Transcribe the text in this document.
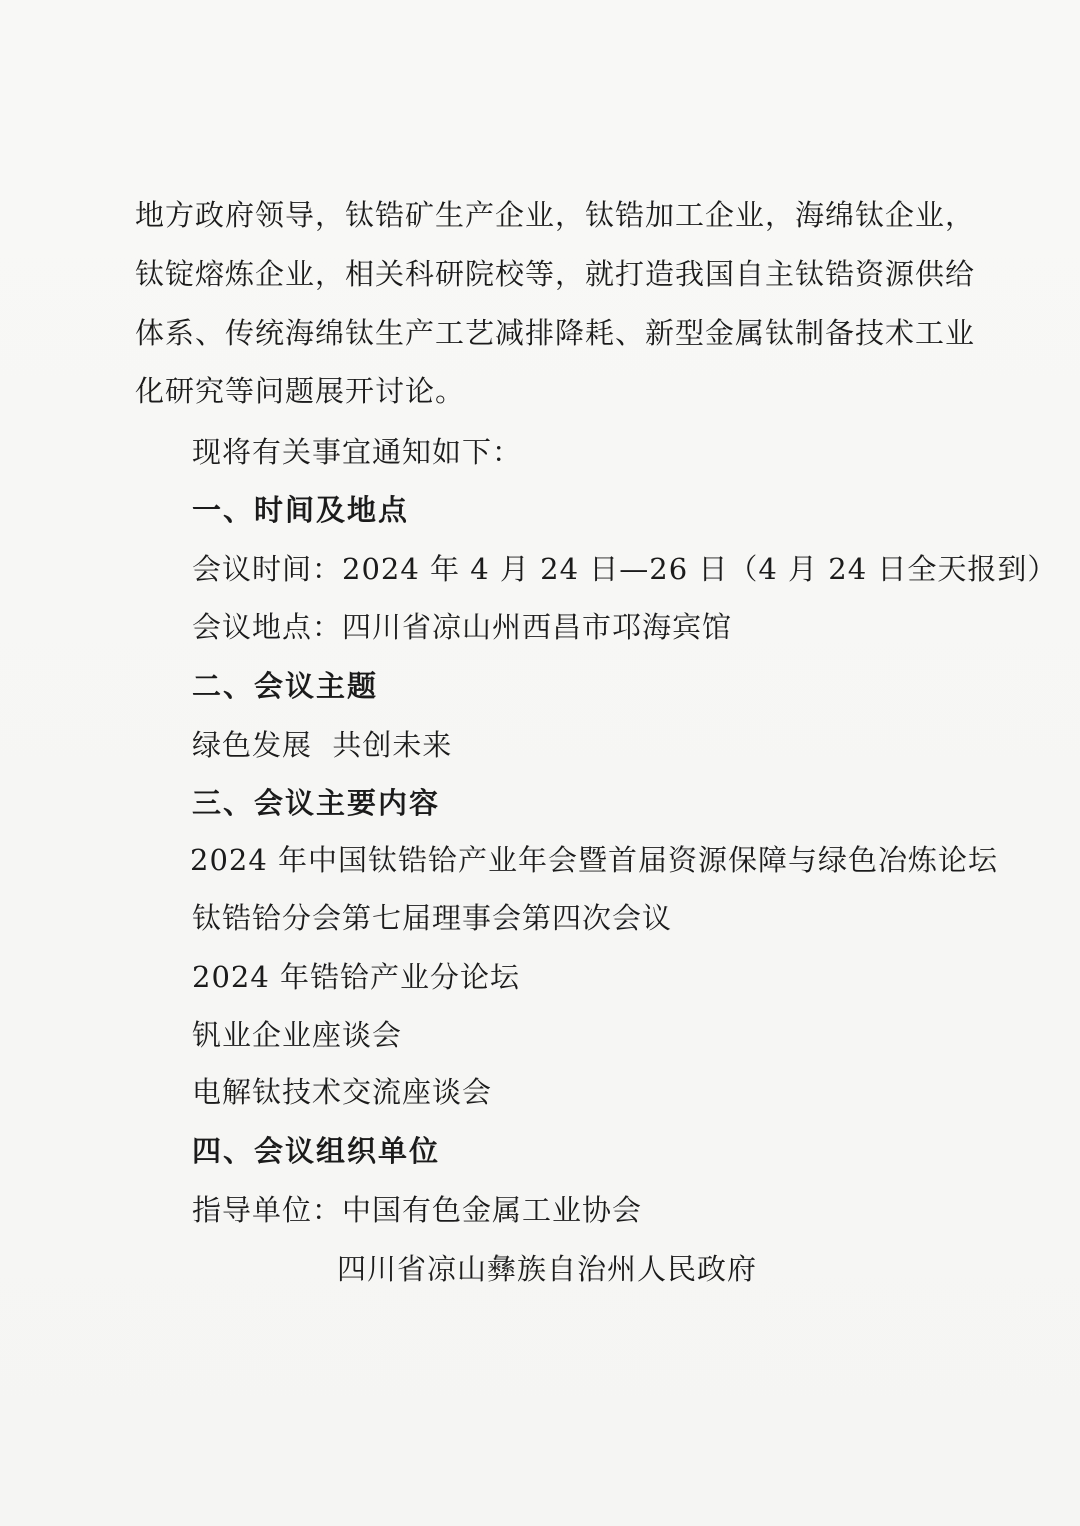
地方政府领导，钛锆矿生产企业，钛锆加工企业，海绵钛企业，
钛锭熔炼企业，相关科研院校等，就打造我国自主钛锆资源供给
体系、传统海绵钛生产工艺减排降耗、新型金属钛制备技术工业
化研究等问题展开讨论。
现将有关事宜通知如下：
一、时间及地点
会议时间：2024 年 4 月 24 日—26 日（4 月 24 日全天报到）
会议地点：四川省凉山州西昌市邛海宾馆
二、会议主题
绿色发展  共创未来
三、会议主要内容
2024 年中国钛锆铪产业年会暨首届资源保障与绿色冶炼论坛
钛锆铪分会第七届理事会第四次会议
2024 年锆铪产业分论坛
钒业企业座谈会
电解钛技术交流座谈会
四、会议组织单位
指导单位：中国有色金属工业协会
四川省凉山彝族自治州人民政府
